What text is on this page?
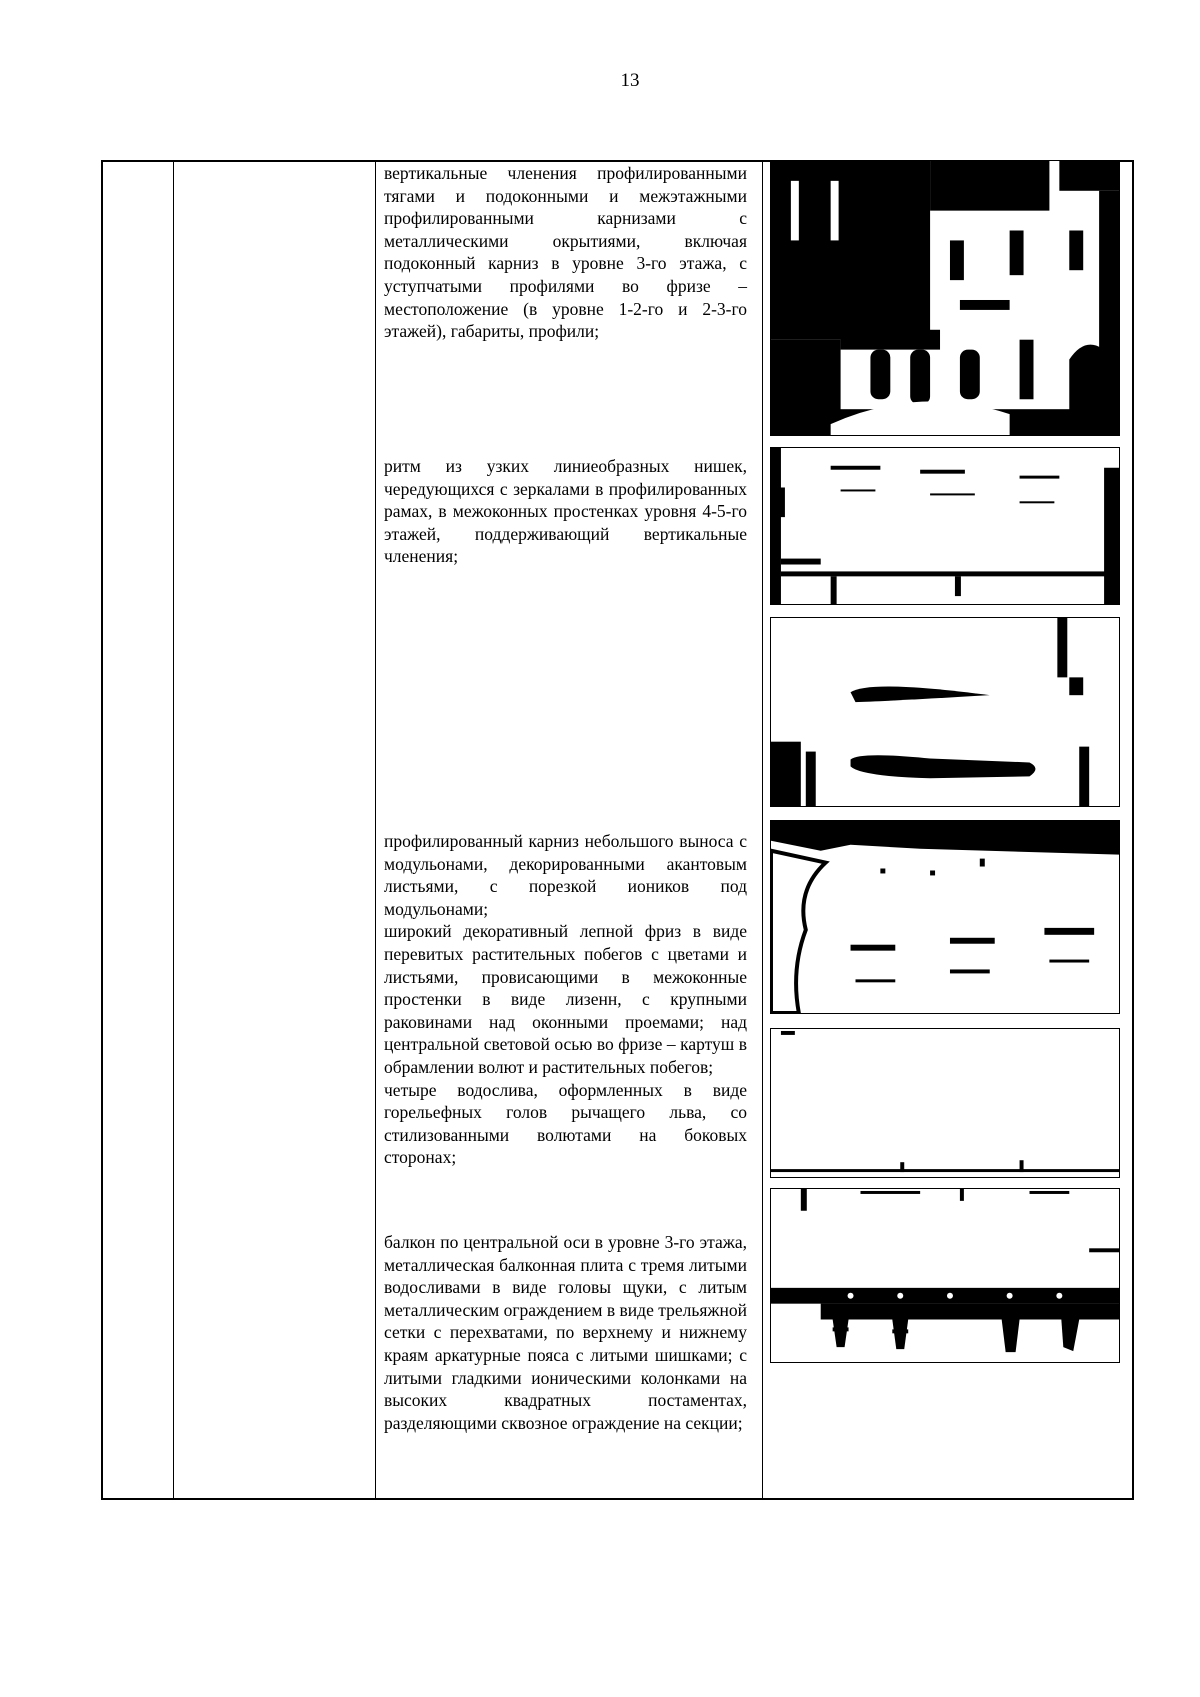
13

вертикальные членения профилированными тягами и подоконными и межэтажными профилированными карнизами с металлическими окрытиями, включая подоконный карниз в уровне 3-го этажа, с уступчатыми профилями во фризе – местоположение (в уровне 1-2-го и 2-3-го этажей), габариты, профили;

ритм из узких линиеобразных нишек, чередующихся с зеркалами в профилированных рамах, в межоконных простенках уровня 4-5-го этажей, поддерживающий вертикальные членения;

профилированный карниз небольшого выноса с модульонами, декорированными акантовым листьями, с порезкой иоников под модульонами;

широкий декоративный лепной фриз в виде перевитых растительных побегов с цветами и листьями, провисающими в межоконные простенки в виде лизенн, с крупными раковинами над оконными проемами; над центральной световой осью во фризе – картуш в обрамлении волют и растительных побегов;

четыре водослива, оформленных в виде горельефных голов рычащего льва, со стилизованными волютами на боковых сторонах;

балкон по центральной оси в уровне 3-го этажа, металлическая балконная плита с тремя литыми водосливами в виде головы щуки, с литым металлическим ограждением в виде трельяжной сетки с перехватами, по верхнему и нижнему краям аркатурные пояса с литыми шишками; с литыми гладкими ионическими колонками на высоких квадратных постаментах, разделяющими сквозное ограждение на секции;
